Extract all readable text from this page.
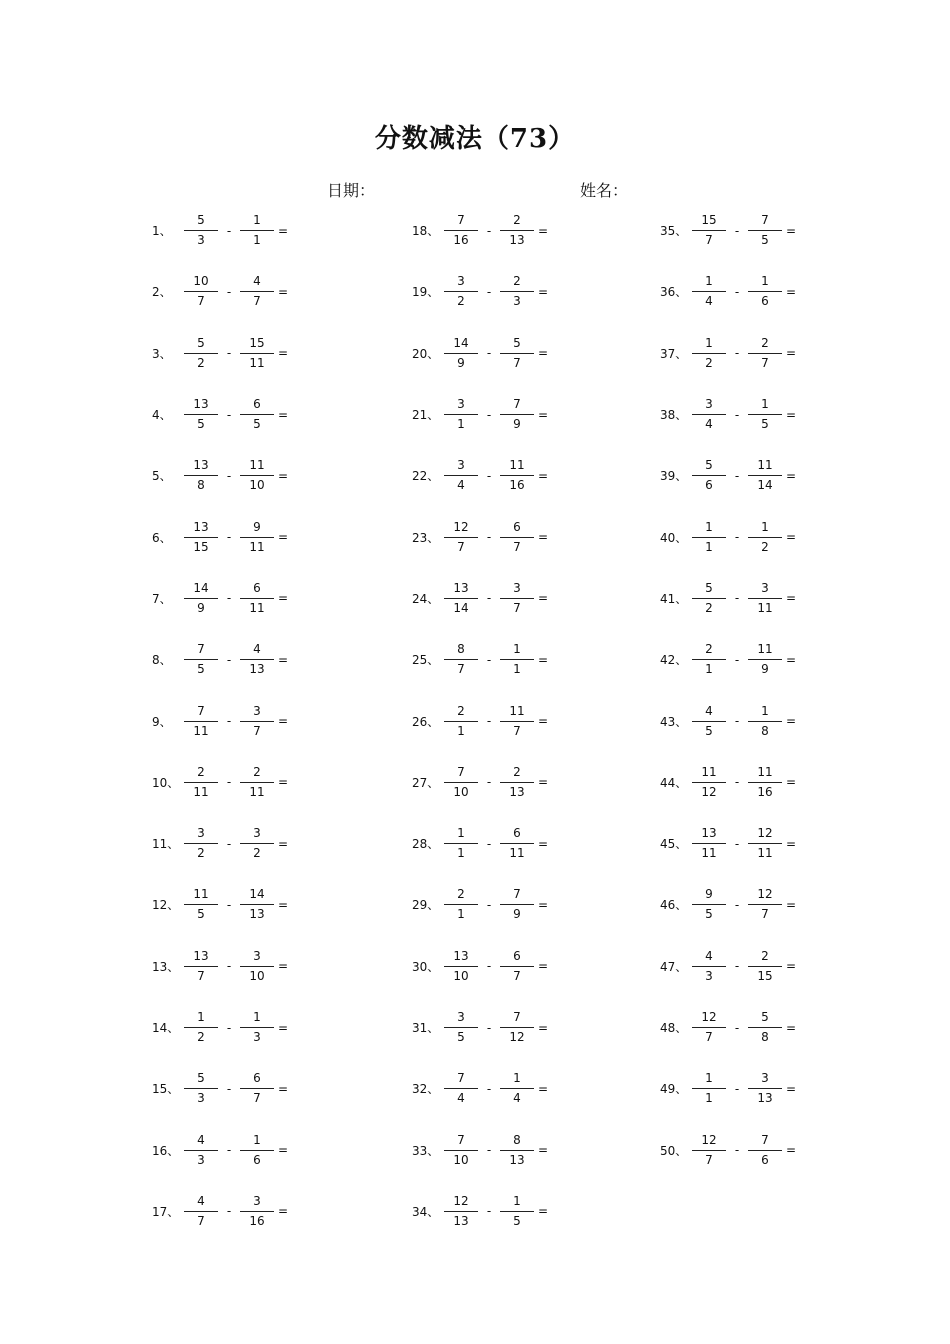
分数减法（73）
日期：	姓名：
1、	$\frac{5}{3} - \frac{1}{1}$ =
2、	$\frac{10}{7} - \frac{4}{7}$ =
3、	$\frac{5}{2} - \frac{15}{11}$ =
4、	$\frac{13}{5} - \frac{6}{5}$ =
5、	$\frac{13}{8} - \frac{11}{10}$ =
6、	$\frac{13}{15} - \frac{9}{11}$ =
7、	$\frac{14}{9} - \frac{6}{11}$ =
8、	$\frac{7}{5} - \frac{4}{13}$ =
9、	$\frac{7}{11} - \frac{3}{7}$ =
10、 $\frac{2}{11} - \frac{2}{11}$ =
11、 $\frac{3}{2} - \frac{3}{2}$ =
12、 $\frac{11}{5} - \frac{14}{13}$ =
13、 $\frac{13}{7} - \frac{3}{10}$ =
14、 $\frac{1}{2} - \frac{1}{3}$ =
15、 $\frac{5}{3} - \frac{6}{7}$ =
16、 $\frac{4}{3} - \frac{1}{6}$ =
17、 $\frac{4}{7} - \frac{3}{16}$ =
18、 $\frac{7}{16} - \frac{2}{13}$ =
19、 $\frac{3}{2} - \frac{2}{3}$ =
20、 $\frac{14}{9} - \frac{5}{7}$ =
21、 $\frac{3}{1} - \frac{7}{9}$ =
22、 $\frac{3}{4} - \frac{11}{16}$ =
23、 $\frac{12}{7} - \frac{6}{7}$ =
24、 $\frac{13}{14} - \frac{3}{7}$ =
25、 $\frac{8}{7} - \frac{1}{1}$ =
26、 $\frac{2}{1} - \frac{11}{7}$ =
27、 $\frac{7}{10} - \frac{2}{13}$ =
28、 $\frac{1}{1} - \frac{6}{11}$ =
29、 $\frac{2}{1} - \frac{7}{9}$ =
30、 $\frac{13}{10} - \frac{6}{7}$ =
31、 $\frac{3}{5} - \frac{7}{12}$ =
32、 $\frac{7}{4} - \frac{1}{4}$ =
33、 $\frac{7}{10} - \frac{8}{13}$ =
34、 $\frac{12}{13} - \frac{1}{5}$ =
35、 $\frac{15}{7} - \frac{7}{5}$ =
36、 $\frac{1}{4} - \frac{1}{6}$ =
37、 $\frac{1}{2} - \frac{2}{7}$ =
38、 $\frac{3}{4} - \frac{1}{5}$ =
39、 $\frac{5}{6} - \frac{11}{14}$ =
40、 $\frac{1}{1} - \frac{1}{2}$ =
41、 $\frac{5}{2} - \frac{3}{11}$ =
42、 $\frac{2}{1} - \frac{11}{9}$ =
43、 $\frac{4}{5} - \frac{1}{8}$ =
44、 $\frac{11}{12} - \frac{11}{16}$ =
45、 $\frac{13}{11} - \frac{12}{11}$ =
46、 $\frac{9}{5} - \frac{12}{7}$ =
47、 $\frac{4}{3} - \frac{2}{15}$ =
48、 $\frac{12}{7} - \frac{5}{8}$ =
49、 $\frac{1}{1} - \frac{3}{13}$ =
50、 $\frac{12}{7} - \frac{7}{6}$ =
